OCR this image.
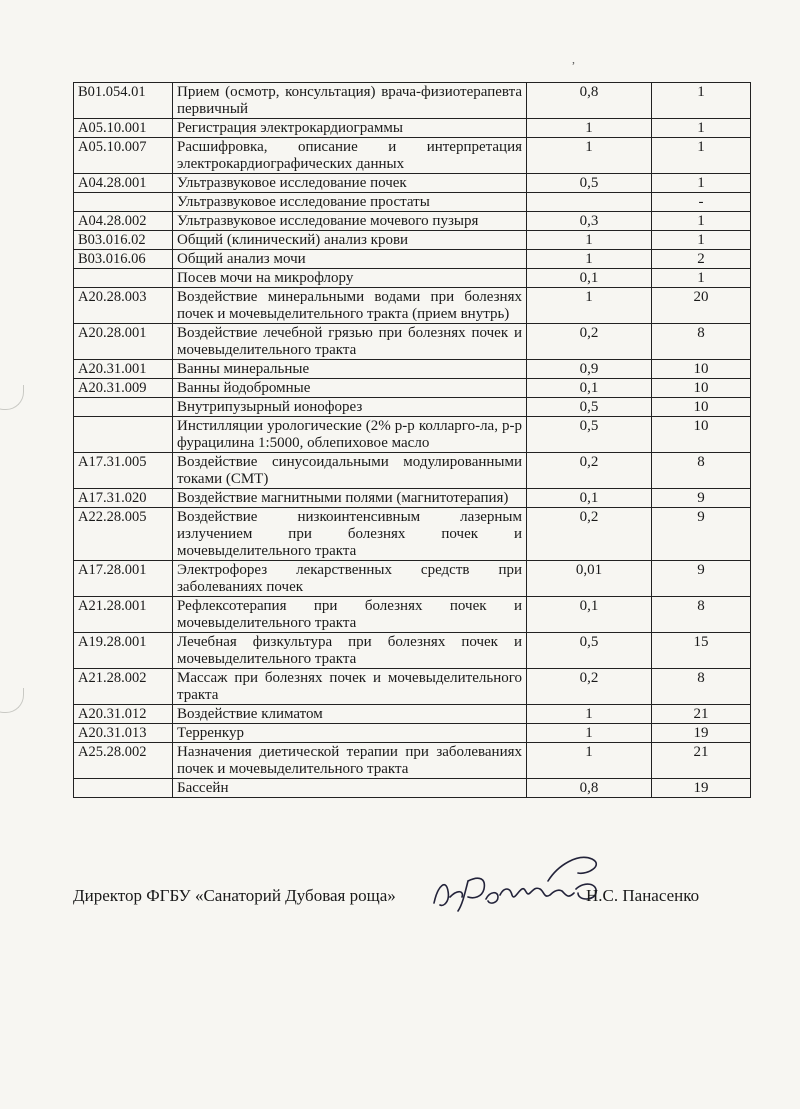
,
В01.054.01	Прием (осмотр, консультация) врача-физиотерапевта первичный	0,8	1
А05.10.001	Регистрация электрокардиограммы	1	1
А05.10.007	Расшифровка, описание и интерпретация электрокардиографических данных	1	1
А04.28.001	Ультразвуковое исследование почек	0,5	1
	Ультразвуковое исследование простаты		-
А04.28.002	Ультразвуковое исследование мочевого пузыря	0,3	1
В03.016.02	Общий (клинический) анализ крови	1	1
В03.016.06	Общий анализ мочи	1	2
	Посев мочи на микрофлору	0,1	1
А20.28.003	Воздействие минеральными водами при болезнях почек и мочевыделительного тракта (прием внутрь)	1	20
А20.28.001	Воздействие лечебной грязью при болезнях почек и мочевыделительного тракта	0,2	8
А20.31.001	Ванны минеральные	0,9	10
А20.31.009	Ванны йодобромные	0,1	10
	Внутрипузырный ионофорез	0,5	10
	Инстилляции урологические (2% р-р колларго-ла, р-р фурацилина 1:5000, облепиховое масло	0,5	10
А17.31.005	Воздействие синусоидальными модулированными токами (СМТ)	0,2	8
А17.31.020	Воздействие магнитными полями (магнитотерапия)	0,1	9
А22.28.005	Воздействие низкоинтенсивным лазерным излучением при болезнях почек и мочевыделительного тракта	0,2	9
А17.28.001	Электрофорез лекарственных средств при заболеваниях почек	0,01	9
А21.28.001	Рефлексотерапия при болезнях почек и мочевыделительного тракта	0,1	8
А19.28.001	Лечебная физкультура при болезнях почек и мочевыделительного тракта	0,5	15
А21.28.002	Массаж при болезнях почек и мочевыделительного тракта	0,2	8
А20.31.012	Воздействие климатом	1	21
А20.31.013	Терренкур	1	19
А25.28.002	Назначения диетической терапии при заболеваниях почек и мочевыделительного тракта	1	21
	Бассейн	0,8	19
Директор ФГБУ «Санаторий Дубовая роща»	Н.С. Панасенко
